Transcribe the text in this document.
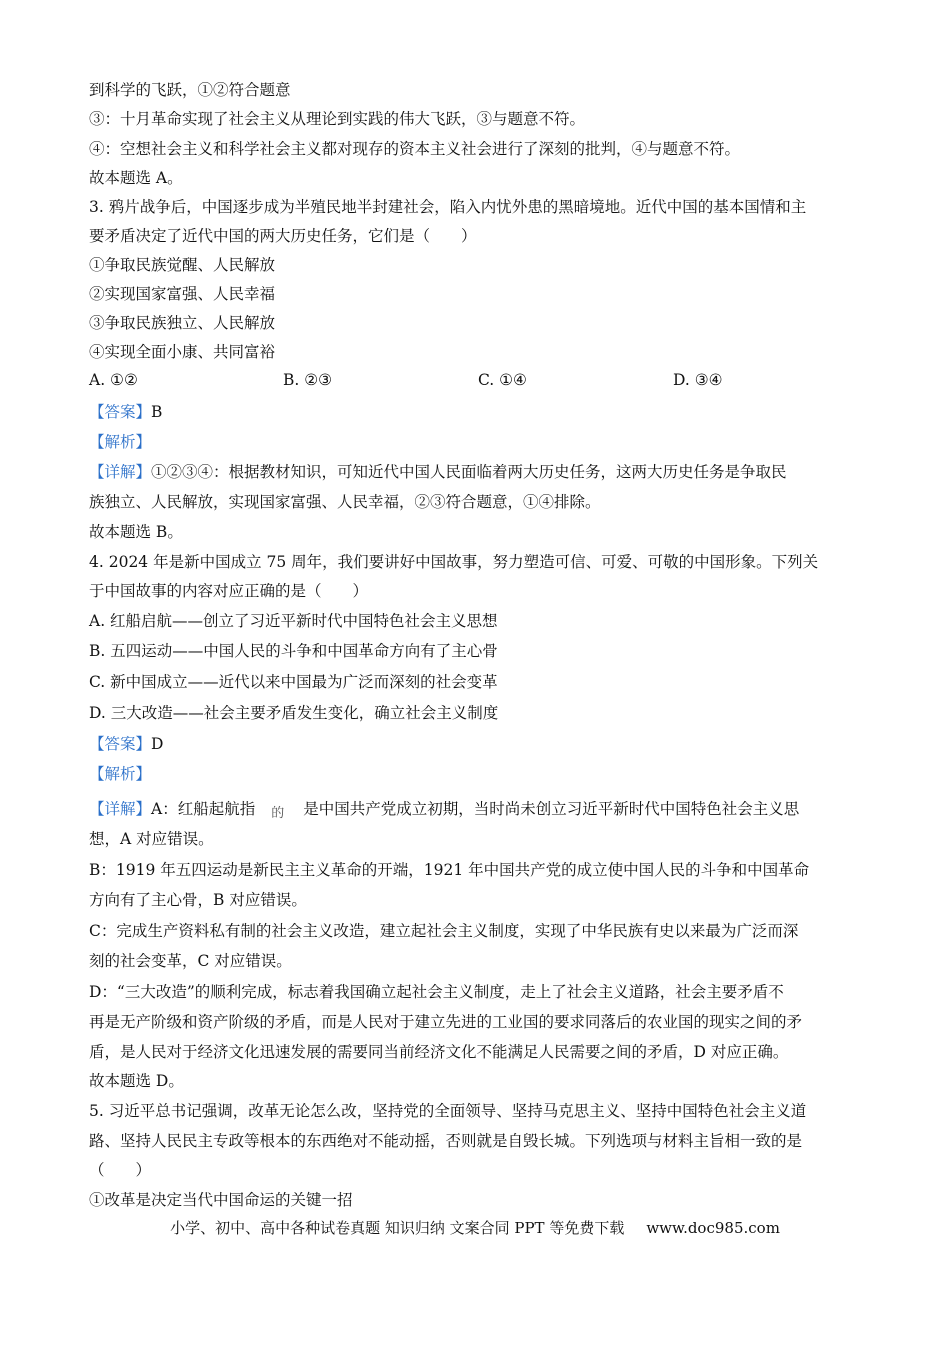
到科学的飞跃，①②符合题意
③：十月革命实现了社会主义从理论到实践的伟大飞跃，③与题意不符。
④：空想社会主义和科学社会主义都对现存的资本主义社会进行了深刻的批判，④与题意不符。
故本题选 A。
3. 鸦片战争后，中国逐步成为半殖民地半封建社会，陷入内忧外患的黑暗境地。近代中国的基本国情和主
要矛盾决定了近代中国的两大历史任务，它们是（　　）
①争取民族觉醒、人民解放
②实现国家富强、人民幸福
③争取民族独立、人民解放
④实现全面小康、共同富裕
A. ①②	B. ②③	C. ①④	D. ③④
【答案】B
【解析】
【详解】①②③④：根据教材知识，可知近代中国人民面临着两大历史任务，这两大历史任务是争取民
族独立、人民解放，实现国家富强、人民幸福，②③符合题意，①④排除。
故本题选 B。
4. 2024 年是新中国成立 75 周年，我们要讲好中国故事，努力塑造可信、可爱、可敬的中国形象。下列关
于中国故事的内容对应正确的是（　　）
A. 红船启航——创立了习近平新时代中国特色社会主义思想
B. 五四运动——中国人民的斗争和中国革命方向有了主心骨
C. 新中国成立——近代以来中国最为广泛而深刻的社会变革
D. 三大改造——社会主要矛盾发生变化，确立社会主义制度
【答案】D
【解析】
【详解】A：红船起航指 的 是中国共产党成立初期，当时尚未创立习近平新时代中国特色社会主义思
想，A 对应错误。
B：1919 年五四运动是新民主主义革命的开端，1921 年中国共产党的成立使中国人民的斗争和中国革命
方向有了主心骨，B 对应错误。
C：完成生产资料私有制的社会主义改造，建立起社会主义制度，实现了中华民族有史以来最为广泛而深
刻的社会变革，C 对应错误。
D：“三大改造”的顺利完成，标志着我国确立起社会主义制度，走上了社会主义道路，社会主要矛盾不
再是无产阶级和资产阶级的矛盾，而是人民对于建立先进的工业国的要求同落后的农业国的现实之间的矛
盾，是人民对于经济文化迅速发展的需要同当前经济文化不能满足人民需要之间的矛盾，D 对应正确。
故本题选 D。
5. 习近平总书记强调，改革无论怎么改，坚持党的全面领导、坚持马克思主义、坚持中国特色社会主义道
路、坚持人民民主专政等根本的东西绝对不能动摇，否则就是自毁长城。下列选项与材料主旨相一致的是
（　　）
①改革是决定当代中国命运的关键一招
小学、初中、高中各种试卷真题 知识归纳 文案合同 PPT 等免费下载 www.doc985.com
